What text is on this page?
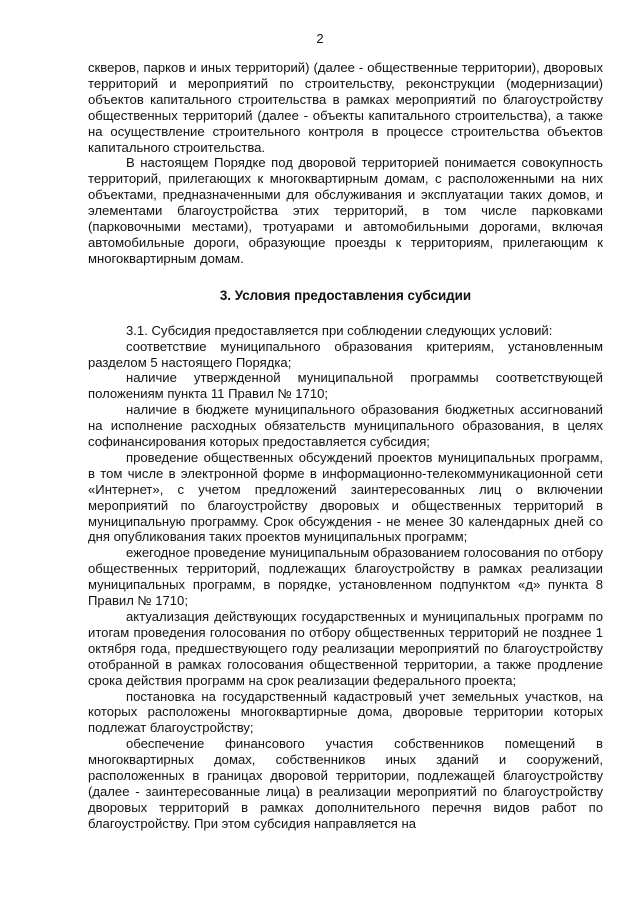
2

скверов, парков и иных территорий) (далее - общественные территории), дворовых территорий и мероприятий по строительству, реконструкции (модернизации) объектов капитального строительства в рамках мероприятий по благоустройству общественных территорий (далее - объекты капитального строительства), а также на осуществление строительного контроля в процессе строительства объектов капитального строительства.

В настоящем Порядке под дворовой территорией понимается совокупность территорий, прилегающих к многоквартирным домам, с расположенными на них объектами, предназначенными для обслуживания и эксплуатации таких домов, и элементами благоустройства этих территорий, в том числе парковками (парковочными местами), тротуарами и автомобильными дорогами, включая автомобильные дороги, образующие проезды к территориям, прилегающим к многоквартирным домам.

3. Условия предоставления субсидии

3.1. Субсидия предоставляется при соблюдении следующих условий:

соответствие муниципального образования критериям, установленным разделом 5 настоящего Порядка;

наличие утвержденной муниципальной программы соответствующей положениям пункта 11 Правил № 1710;

наличие в бюджете муниципального образования бюджетных ассигнований на исполнение расходных обязательств муниципального образования, в целях софинансирования которых предоставляется субсидия;

проведение общественных обсуждений проектов муниципальных программ, в том числе в электронной форме в информационно-телекоммуникационной сети «Интернет», с учетом предложений заинтересованных лиц о включении мероприятий по благоустройству дворовых и общественных территорий в муниципальную программу. Срок обсуждения - не менее 30 календарных дней со дня опубликования таких проектов муниципальных программ;

ежегодное проведение муниципальным образованием голосования по отбору общественных территорий, подлежащих благоустройству в рамках реализации муниципальных программ, в порядке, установленном подпунктом «д» пункта 8 Правил № 1710;

актуализация действующих государственных и муниципальных программ по итогам проведения голосования по отбору общественных территорий не позднее 1 октября года, предшествующего году реализации мероприятий по благоустройству отобранной в рамках голосования общественной территории, а также продление срока действия программ на срок реализации федерального проекта;

постановка на государственный кадастровый учет земельных участков, на которых расположены многоквартирные дома, дворовые территории которых подлежат благоустройству;

обеспечение финансового участия собственников помещений в многоквартирных домах, собственников иных зданий и сооружений, расположенных в границах дворовой территории, подлежащей благоустройству (далее - заинтересованные лица) в реализации мероприятий по благоустройству дворовых территорий в рамках дополнительного перечня видов работ по благоустройству. При этом субсидия направляется на
